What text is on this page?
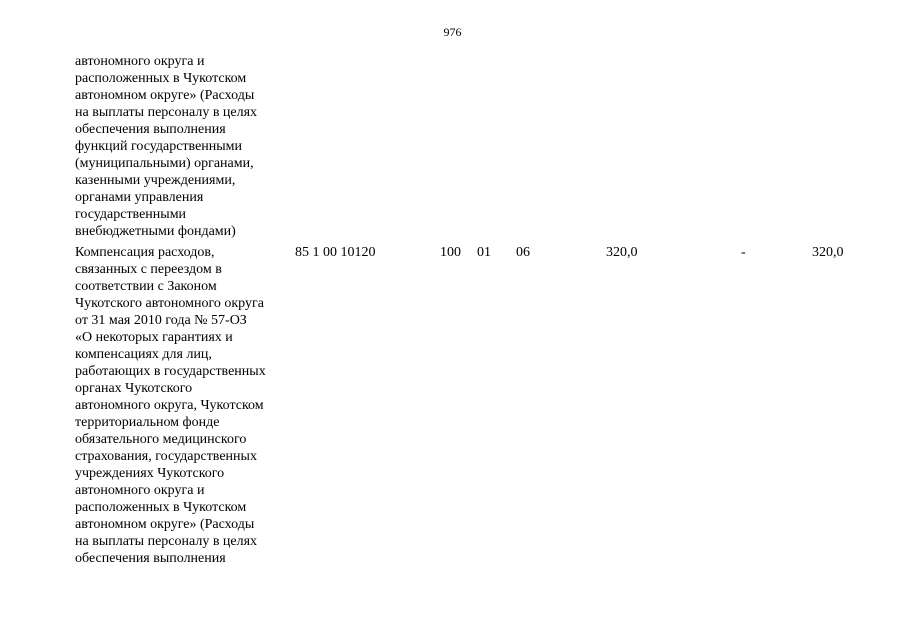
976
автономного округа и
расположенных в Чукотском
автономном округе» (Расходы
на выплаты персоналу в целях
обеспечения выполнения
функций государственными
(муниципальными) органами,
казенными учреждениями,
органами управления
государственными
внебюджетными фондами)
Компенсация расходов,
связанных с переездом в
соответствии с Законом
Чукотского автономного округа
от 31 мая 2010 года № 57-ОЗ
«О некоторых гарантиях и
компенсациях для лиц,
работающих в государственных
органах Чукотского
автономного округа, Чукотском
территориальном фонде
обязательного медицинского
страхования, государственных
учреждениях Чукотского
автономного округа и
расположенных в Чукотском
автономном округе» (Расходы
на выплаты персоналу в целях
обеспечения выполнения
85 1 00 10120	100 01 06	320,0	-	320,0
